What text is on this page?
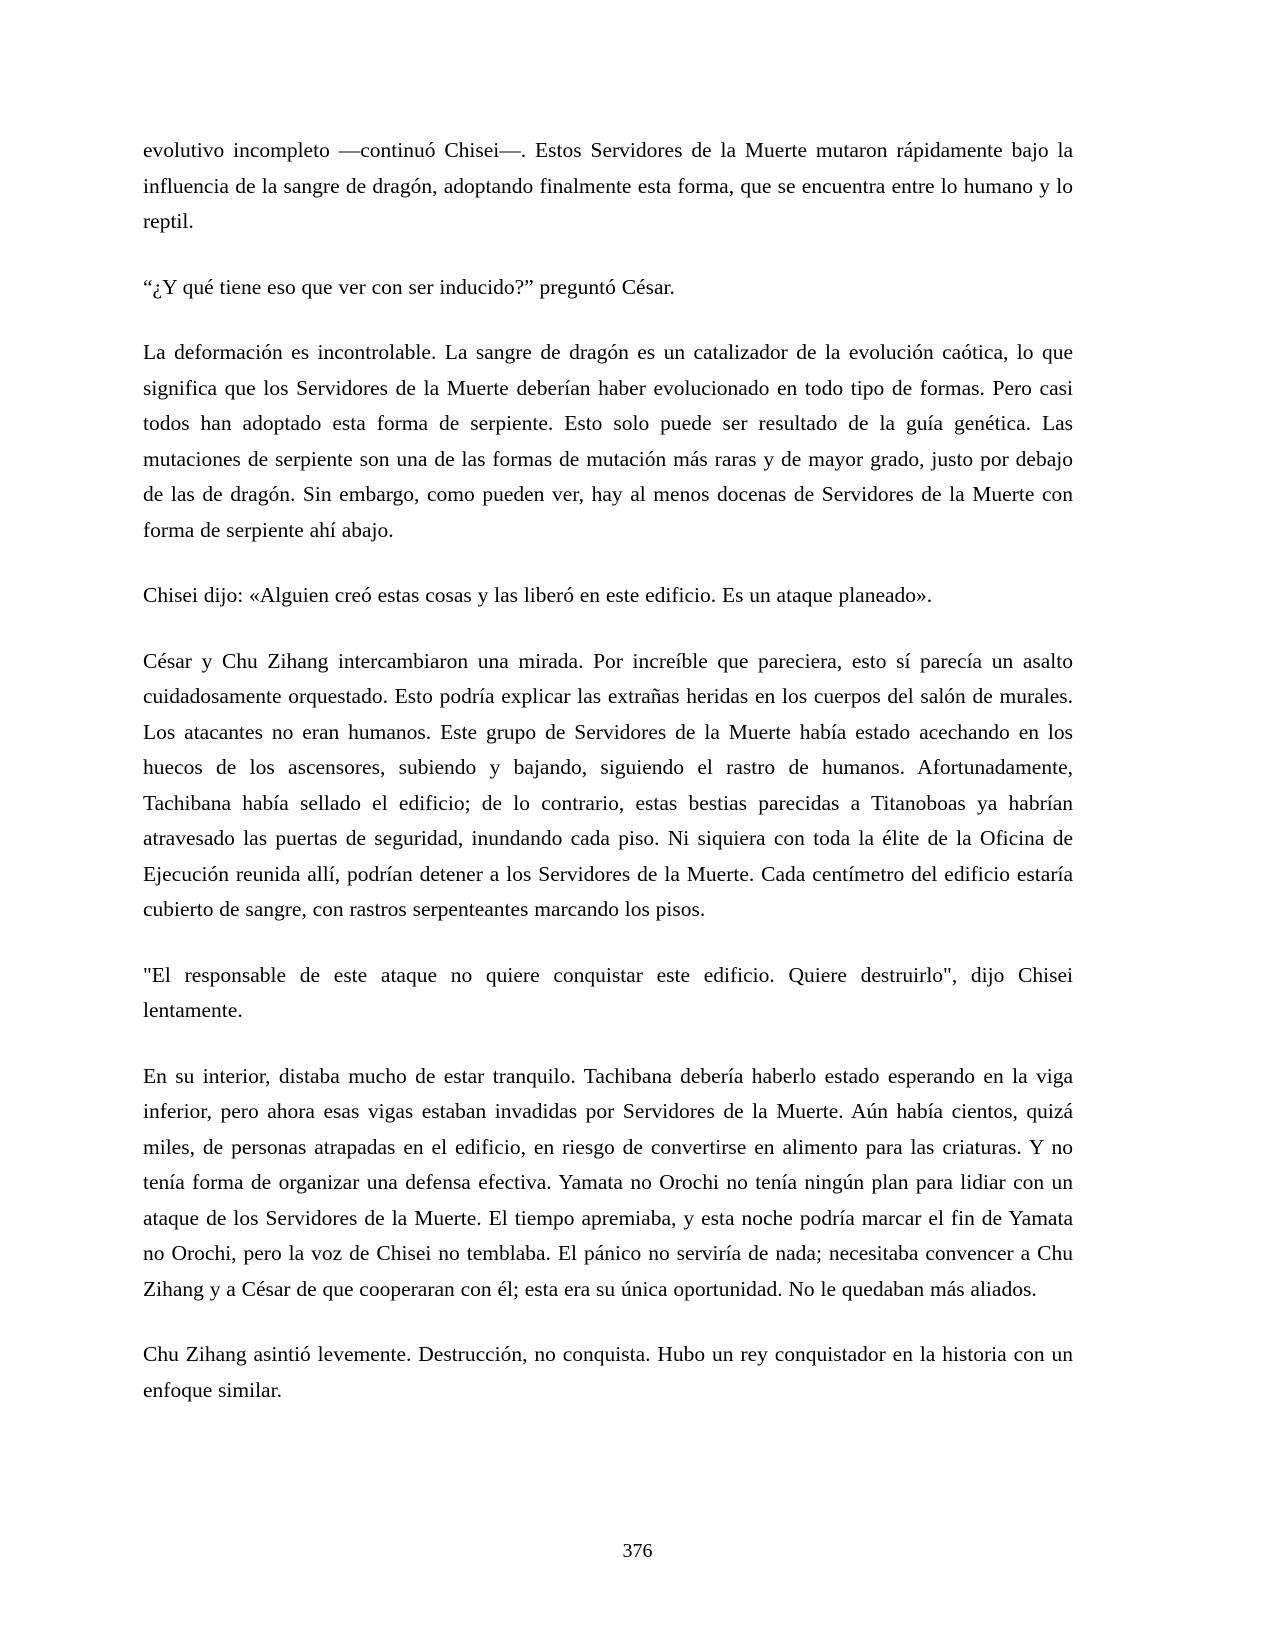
evolutivo incompleto —continuó Chisei—. Estos Servidores de la Muerte mutaron rápidamente bajo la influencia de la sangre de dragón, adoptando finalmente esta forma, que se encuentra entre lo humano y lo reptil.

“¿Y qué tiene eso que ver con ser inducido?” preguntó César.

La deformación es incontrolable. La sangre de dragón es un catalizador de la evolución caótica, lo que significa que los Servidores de la Muerte deberían haber evolucionado en todo tipo de formas. Pero casi todos han adoptado esta forma de serpiente. Esto solo puede ser resultado de la guía genética. Las mutaciones de serpiente son una de las formas de mutación más raras y de mayor grado, justo por debajo de las de dragón. Sin embargo, como pueden ver, hay al menos docenas de Servidores de la Muerte con forma de serpiente ahí abajo.

Chisei dijo: «Alguien creó estas cosas y las liberó en este edificio. Es un ataque planeado».

César y Chu Zihang intercambiaron una mirada. Por increíble que pareciera, esto sí parecía un asalto cuidadosamente orquestado. Esto podría explicar las extrañas heridas en los cuerpos del salón de murales. Los atacantes no eran humanos. Este grupo de Servidores de la Muerte había estado acechando en los huecos de los ascensores, subiendo y bajando, siguiendo el rastro de humanos. Afortunadamente, Tachibana había sellado el edificio; de lo contrario, estas bestias parecidas a Titanoboas ya habrían atravesado las puertas de seguridad, inundando cada piso. Ni siquiera con toda la élite de la Oficina de Ejecución reunida allí, podrían detener a los Servidores de la Muerte. Cada centímetro del edificio estaría cubierto de sangre, con rastros serpenteantes marcando los pisos.

"El responsable de este ataque no quiere conquistar este edificio. Quiere destruirlo", dijo Chisei lentamente.

En su interior, distaba mucho de estar tranquilo. Tachibana debería haberlo estado esperando en la viga inferior, pero ahora esas vigas estaban invadidas por Servidores de la Muerte. Aún había cientos, quizá miles, de personas atrapadas en el edificio, en riesgo de convertirse en alimento para las criaturas. Y no tenía forma de organizar una defensa efectiva. Yamata no Orochi no tenía ningún plan para lidiar con un ataque de los Servidores de la Muerte. El tiempo apremiaba, y esta noche podría marcar el fin de Yamata no Orochi, pero la voz de Chisei no temblaba. El pánico no serviría de nada; necesitaba convencer a Chu Zihang y a César de que cooperaran con él; esta era su única oportunidad. No le quedaban más aliados.

Chu Zihang asintió levemente. Destrucción, no conquista. Hubo un rey conquistador en la historia con un enfoque similar.

376
